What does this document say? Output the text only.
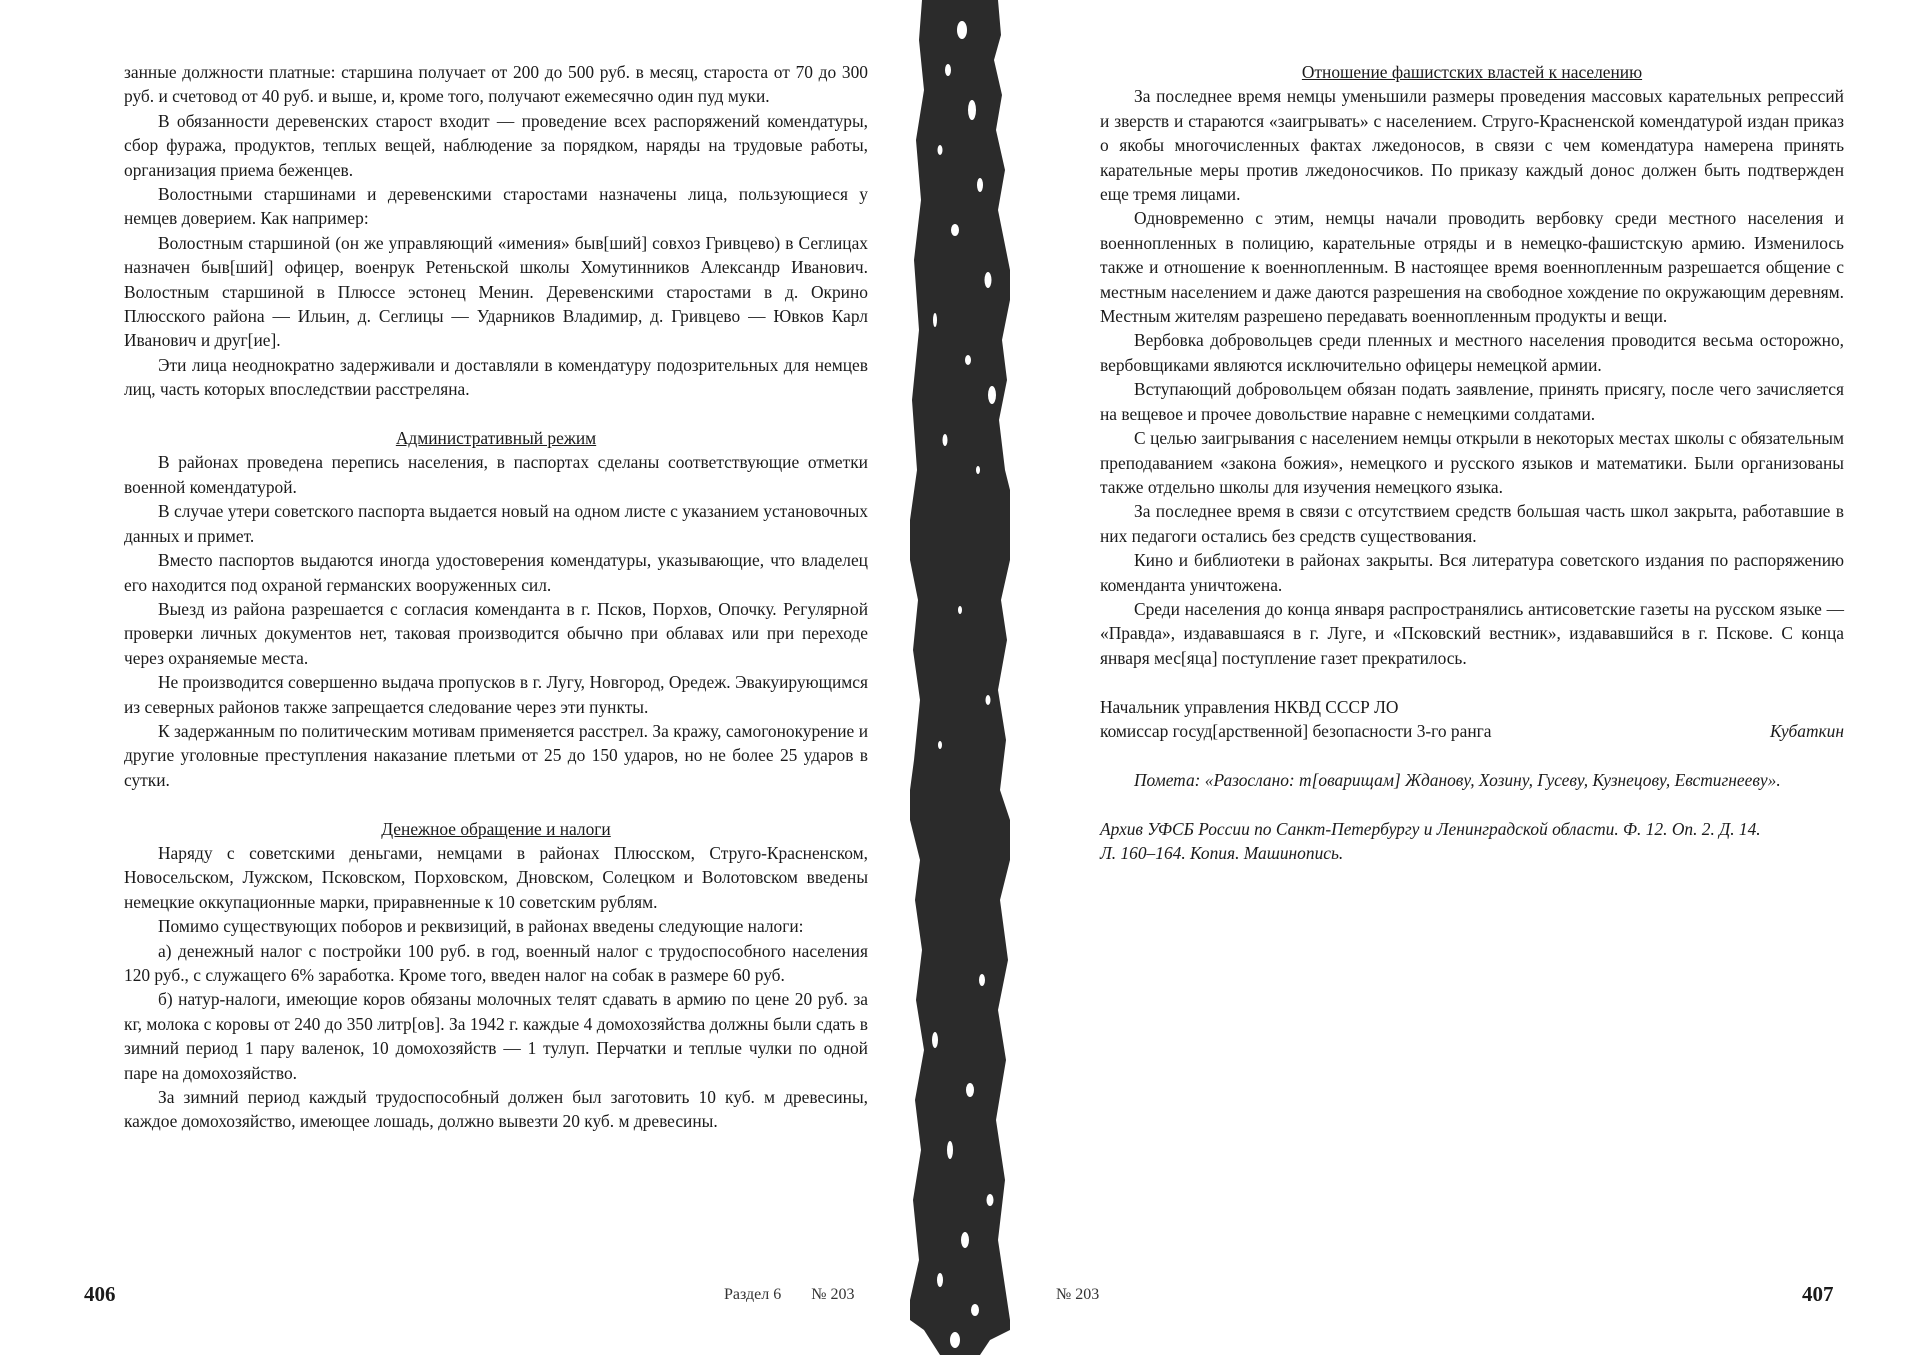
занные должности платные: старшина получает от 200 до 500 руб. в месяц, староста от 70 до 300 руб. и счетовод от 40 руб. и выше, и, кроме того, получают ежемесячно один пуд муки.

В обязанности деревенских старост входит — проведение всех распоряжений комендатуры, сбор фуража, продуктов, теплых вещей, наблюдение за порядком, наряды на трудовые работы, организация приема беженцев.

Волостными старшинами и деревенскими старостами назначены лица, пользующиеся у немцев доверием. Как например:

Волостным старшиной (он же управляющий «имения» быв[ший] совхоз Гривцево) в Сеглицах назначен быв[ший] офицер, военрук Ретеньской школы Хомутинников Александр Иванович. Волостным старшиной в Плюссе эстонец Менин. Деревенскими старостами в д. Окрино Плюсского района — Ильин, д. Сеглицы — Ударников Владимир, д. Гривцево — Ювков Карл Иванович и друг[ие].

Эти лица неоднократно задерживали и доставляли в комендатуру подозрительных для немцев лиц, часть которых впоследствии расстреляна.

Административный режим

В районах проведена перепись населения, в паспортах сделаны соответствующие отметки военной комендатурой.

В случае утери советского паспорта выдается новый на одном листе с указанием установочных данных и примет.

Вместо паспортов выдаются иногда удостоверения комендатуры, указывающие, что владелец его находится под охраной германских вооруженных сил.

Выезд из района разрешается с согласия коменданта в г. Псков, Порхов, Опочку. Регулярной проверки личных документов нет, таковая производится обычно при облавах или при переходе через охраняемые места.

Не производится совершенно выдача пропусков в г. Лугу, Новгород, Оредеж. Эвакуирующимся из северных районов также запрещается следование через эти пункты.

К задержанным по политическим мотивам применяется расстрел. За кражу, самогонокурение и другие уголовные преступления наказание плетьми от 25 до 150 ударов, но не более 25 ударов в сутки.

Денежное обращение и налоги

Наряду с советскими деньгами, немцами в районах Плюсском, Струго-Красненском, Новосельском, Лужском, Псковском, Порховском, Дновском, Солецком и Волотовском введены немецкие оккупационные марки, приравненные к 10 советским рублям.

Помимо существующих поборов и реквизиций, в районах введены следующие налоги:

а) денежный налог с постройки 100 руб. в год, военный налог с трудоспособного населения 120 руб., с служащего 6% заработка. Кроме того, введен налог на собак в размере 60 руб.

б) натур-налоги, имеющие коров обязаны молочных телят сдавать в армию по цене 20 руб. за кг, молока с коровы от 240 до 350 литр[ов]. За 1942 г. каждые 4 домохозяйства должны были сдать в зимний период 1 пару валенок, 10 домохозяйств — 1 тулуп. Перчатки и теплые чулки по одной паре на домохозяйство.

За зимний период каждый трудоспособный должен был заготовить 10 куб. м древесины, каждое домохозяйство, имеющее лошадь, должно вывезти 20 куб. м древесины.

406	Раздел 6 № 203

Отношение фашистских властей к населению

За последнее время немцы уменьшили размеры проведения массовых карательных репрессий и зверств и стараются «заигрывать» с населением. Струго-Красненской комендатурой издан приказ о якобы многочисленных фактах лжедоносов, в связи с чем комендатура намерена принять карательные меры против лжедоносчиков. По приказу каждый донос должен быть подтвержден еще тремя лицами.

Одновременно с этим, немцы начали проводить вербовку среди местного населения и военнопленных в полицию, карательные отряды и в немецко-фашистскую армию. Изменилось также и отношение к военнопленным. В настоящее время военнопленным разрешается общение с местным населением и даже даются разрешения на свободное хождение по окружающим деревням. Местным жителям разрешено передавать военнопленным продукты и вещи.

Вербовка добровольцев среди пленных и местного населения проводится весьма осторожно, вербовщиками являются исключительно офицеры немецкой армии.

Вступающий добровольцем обязан подать заявление, принять присягу, после чего зачисляется на вещевое и прочее довольствие наравне с немецкими солдатами.

С целью заигрывания с населением немцы открыли в некоторых местах школы с обязательным преподаванием «закона божия», немецкого и русского языков и математики. Были организованы также отдельно школы для изучения немецкого языка.

За последнее время в связи с отсутствием средств большая часть школ закрыта, работавшие в них педагоги остались без средств существования.

Кино и библиотеки в районах закрыты. Вся литература советского издания по распоряжению коменданта уничтожена.

Среди населения до конца января распространялись антисоветские газеты на русском языке — «Правда», издававшаяся в г. Луге, и «Псковский вестник», издававшийся в г. Пскове. С конца января мес[яца] поступление газет прекратилось.

Начальник управления НКВД СССР ЛО
комиссар госуд[арственной] безопасности 3-го ранга	Кубаткин

Помета: «Разослано: т[оварищам] Жданову, Хозину, Гусеву, Кузнецову, Евстигнееву».

Архив УФСБ России по Санкт-Петербургу и Ленинградской области. Ф. 12. Оп. 2. Д. 14.
Л. 160–164. Копия. Машинопись.
№ 203	407
